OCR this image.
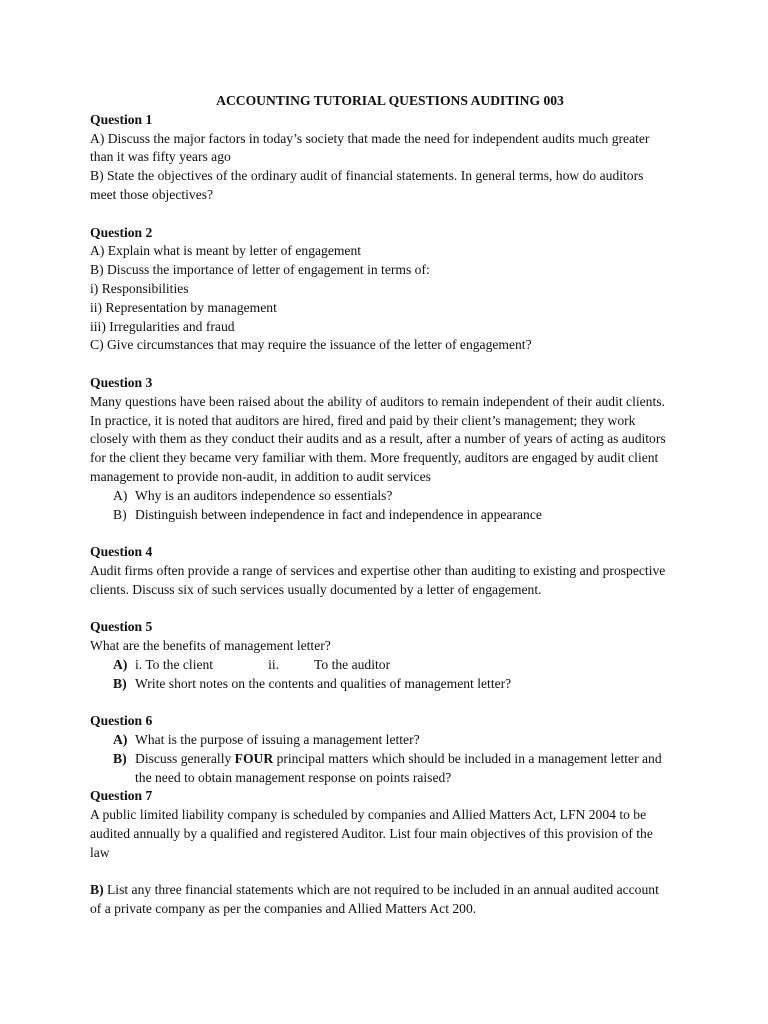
ACCOUNTING TUTORIAL QUESTIONS AUDITING 003

Question 1

A) Discuss the major factors in today’s society that made the need for independent audits much greater

than it was fifty years ago

B) State the objectives of the ordinary audit of financial statements. In general terms, how do auditors

meet those objectives?

Question 2

A) Explain what is meant by letter of engagement

B) Discuss the importance of letter of engagement in terms of:

i) Responsibilities

ii) Representation by management

iii) Irregularities and fraud

C) Give circumstances that may require the issuance of the letter of engagement?

Question 3

Many questions have been raised about the ability of auditors to remain independent of their audit clients.

In practice, it is noted that auditors are hired, fired and paid by their client’s management; they work

closely with them as they conduct their audits and as a result, after a number of years of acting as auditors

for the client they became very familiar with them. More frequently, auditors are engaged by audit client

management to provide non-audit, in addition to audit services

A) Why is an auditors independence so essentials?
B) Distinguish between independence in fact and independence in appearance

Question 4

Audit firms often provide a range of services and expertise other than auditing to existing and prospective

clients. Discuss six of such services usually documented by a letter of engagement.

Question 5

What are the benefits of management letter?

A) i. To the client	ii.	To the auditor
B) Write short notes on the contents and qualities of management letter?

Question 6

A) What is the purpose of issuing a management letter?
B) Discuss generally FOUR principal matters which should be included in a management letter and
the need to obtain management response on points raised?

Question 7

A public limited liability company is scheduled by companies and Allied Matters Act, LFN 2004 to be

audited annually by a qualified and registered Auditor. List four main objectives of this provision of the

law

B) List any three financial statements which are not required to be included in an annual audited account

of a private company as per the companies and Allied Matters Act 200.
